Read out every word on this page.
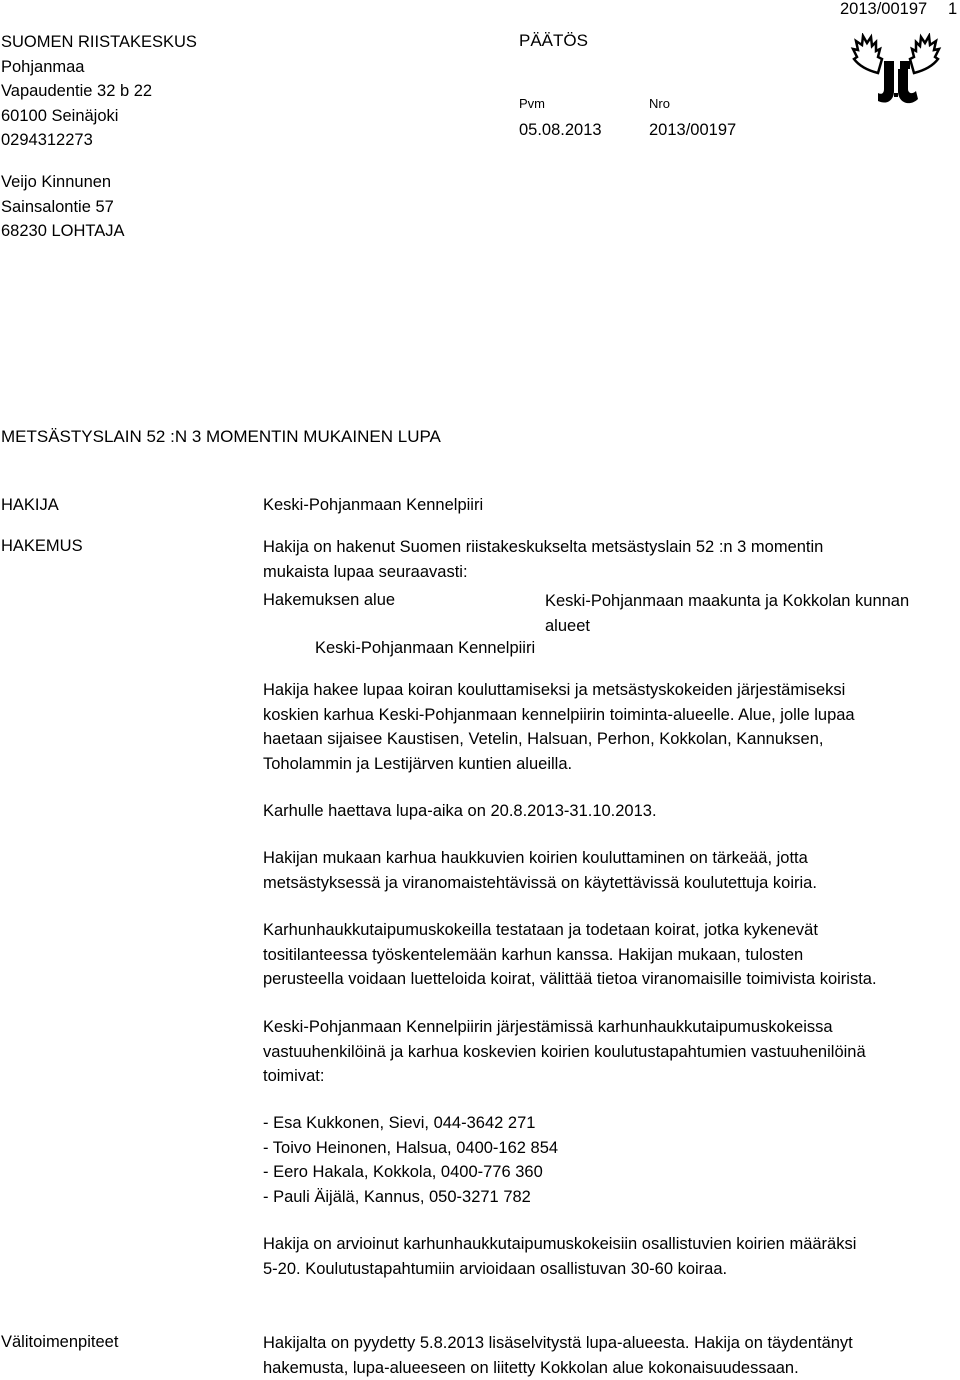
SUOMEN RIISTAKESKUS
Pohjanmaa
Vapaudentie 32 b 22
60100 Seinäjoki
0294312273
PÄÄTÖS
Pvm	Nro
05.08.2013	2013/00197
2013/00197 1
Veijo Kinnunen
Sainsalontie 57
68230 LOHTAJA
METSÄSTYSLAIN 52 :N 3 MOMENTIN MUKAINEN LUPA
HAKIJA	Keski-Pohjanmaan Kennelpiiri
HAKEMUS	Hakija on hakenut Suomen riistakeskukselta metsästyslain 52 :n 3 momentin
mukaista lupaa seuraavasti:
Hakemuksen alue	Keski-Pohjanmaan maakunta ja Kokkolan kunnan
alueet
Keski-Pohjanmaan Kennelpiiri
Hakija hakee lupaa koiran kouluttamiseksi ja metsästyskokeiden järjestämiseksi
koskien karhua Keski-Pohjanmaan kennelpiirin toiminta-alueelle. Alue, jolle lupaa
haetaan sijaisee Kaustisen, Vetelin, Halsuan, Perhon, Kokkolan, Kannuksen,
Toholammin ja Lestijärven kuntien alueilla.
Karhulle haettava lupa-aika on 20.8.2013-31.10.2013.
Hakijan mukaan karhua haukkuvien koirien kouluttaminen on tärkeää, jotta
metsästyksessä ja viranomaistehtävissä on käytettävissä koulutettuja koiria.
Karhunhaukkutaipumuskokeilla testataan ja todetaan koirat, jotka kykenevät
tositilanteessa työskentelemään karhun kanssa. Hakijan mukaan, tulosten
perusteella voidaan luetteloida koirat, välittää tietoa viranomaisille toimivista koirista.
Keski-Pohjanmaan Kennelpiirin järjestämissä karhunhaukkutaipumuskokeissa
vastuuhenkilöinä ja karhua koskevien koirien koulutustapahtumien vastuuhenilöinä
toimivat:
- Esa Kukkonen, Sievi, 044-3642 271
- Toivo Heinonen, Halsua, 0400-162 854
- Eero Hakala, Kokkola, 0400-776 360
- Pauli Äijälä, Kannus, 050-3271 782
Hakija on arvioinut karhunhaukkutaipumuskokeisiin osallistuvien koirien määräksi
5-20. Koulutustapahtumiin arvioidaan osallistuvan 30-60 koiraa.
Välitoimenpiteet	Hakijalta on pyydetty 5.8.2013 lisäselvitystä lupa-alueesta. Hakija on täydentänyt
hakemusta, lupa-alueeseen on liitetty Kokkolan alue kokonaisuudessaan.
